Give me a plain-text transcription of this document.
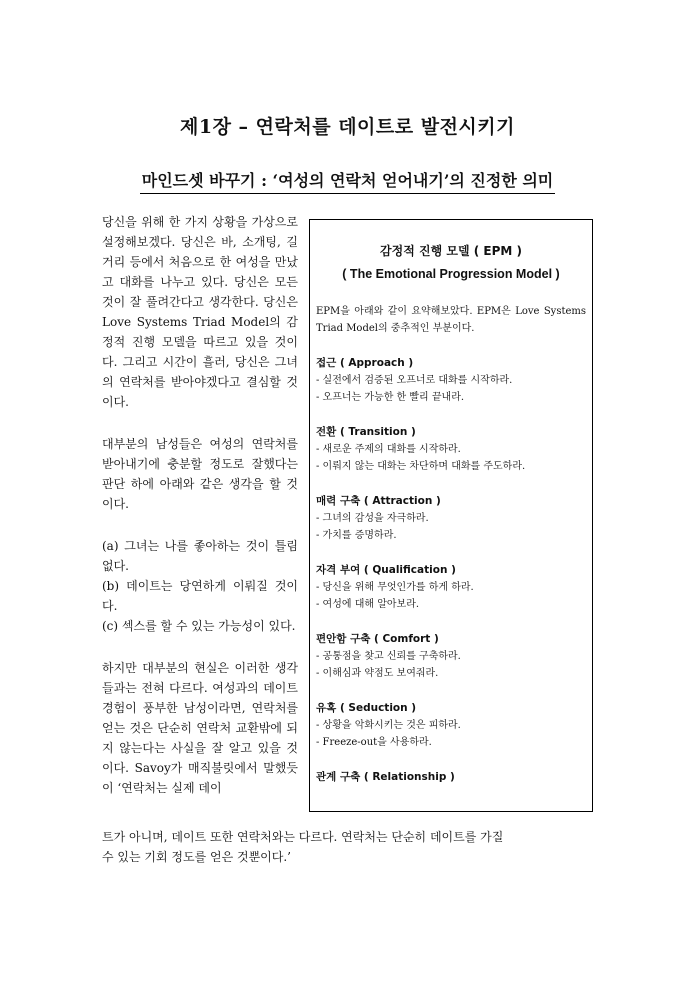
제1장 – 연락처를 데이트로 발전시키기
마인드셋 바꾸기 : ‘여성의 연락처 얻어내기’의 진정한 의미

당신을 위해 한 가지 상황을 가상으로 설정해보겠다. 당신은 바, 소개팅, 길거리 등에서 처음으로 한 여성을 만났고 대화를 나누고 있다. 당신은 모든 것이 잘 풀려간다고 생각한다. 당신은 Love Systems Triad Model의 감정적 진행 모델을 따르고 있을 것이다. 그리고 시간이 흘러, 당신은 그녀의 연락처를 받아야겠다고 결심할 것이다.

대부분의 남성들은 여성의 연락처를 받아내기에 충분할 정도로 잘했다는 판단 하에 아래와 같은 생각을 할 것이다.

(a) 그녀는 나를 좋아하는 것이 틀림없다.
(b) 데이트는 당연하게 이뤄질 것이다.
(c) 섹스를 할 수 있는 가능성이 있다.

하지만 대부분의 현실은 이러한 생각들과는 전혀 다르다. 여성과의 데이트 경험이 풍부한 남성이라면, 연락처를 얻는 것은 단순히 연락처 교환밖에 되지 않는다는 사실을 잘 알고 있을 것이다. Savoy가 매직불릿에서 말했듯이 ‘연락처는 실제 데이

트가 아니며, 데이트 또한 연락처와는 다르다. 연락처는 단순히 데이트를 가질
수 있는 기회 정도를 얻은 것뿐이다.’
감정적 진행 모델 ( EPM )
( The Emotional Progression Model )
EPM을 아래와 같이 요약해보았다. EPM은 Love Systems Triad Model의 중추적인 부분이다.
접근 ( Approach )
- 실전에서 검증된 오프너로 대화를 시작하라.
- 오프너는 가능한 한 빨리 끝내라.
전환 ( Transition )
- 새로운 주제의 대화를 시작하라.
- 이뤄지 않는 대화는 차단하며 대화를 주도하라.
매력 구축 ( Attraction )
- 그녀의 감성을 자극하라.
- 가치를 증명하라.
자격 부여 ( Qualification )
- 당신을 위해 무엇인가를 하게 하라.
- 여성에 대해 알아보라.
편안함 구축 ( Comfort )
- 공통점을 찾고 신뢰를 구축하라.
- 이해심과 약점도 보여줘라.
유혹 ( Seduction )
- 상황을 악화시키는 것은 피하라.
- Freeze-out을 사용하라.
관계 구축 ( Relationship )
